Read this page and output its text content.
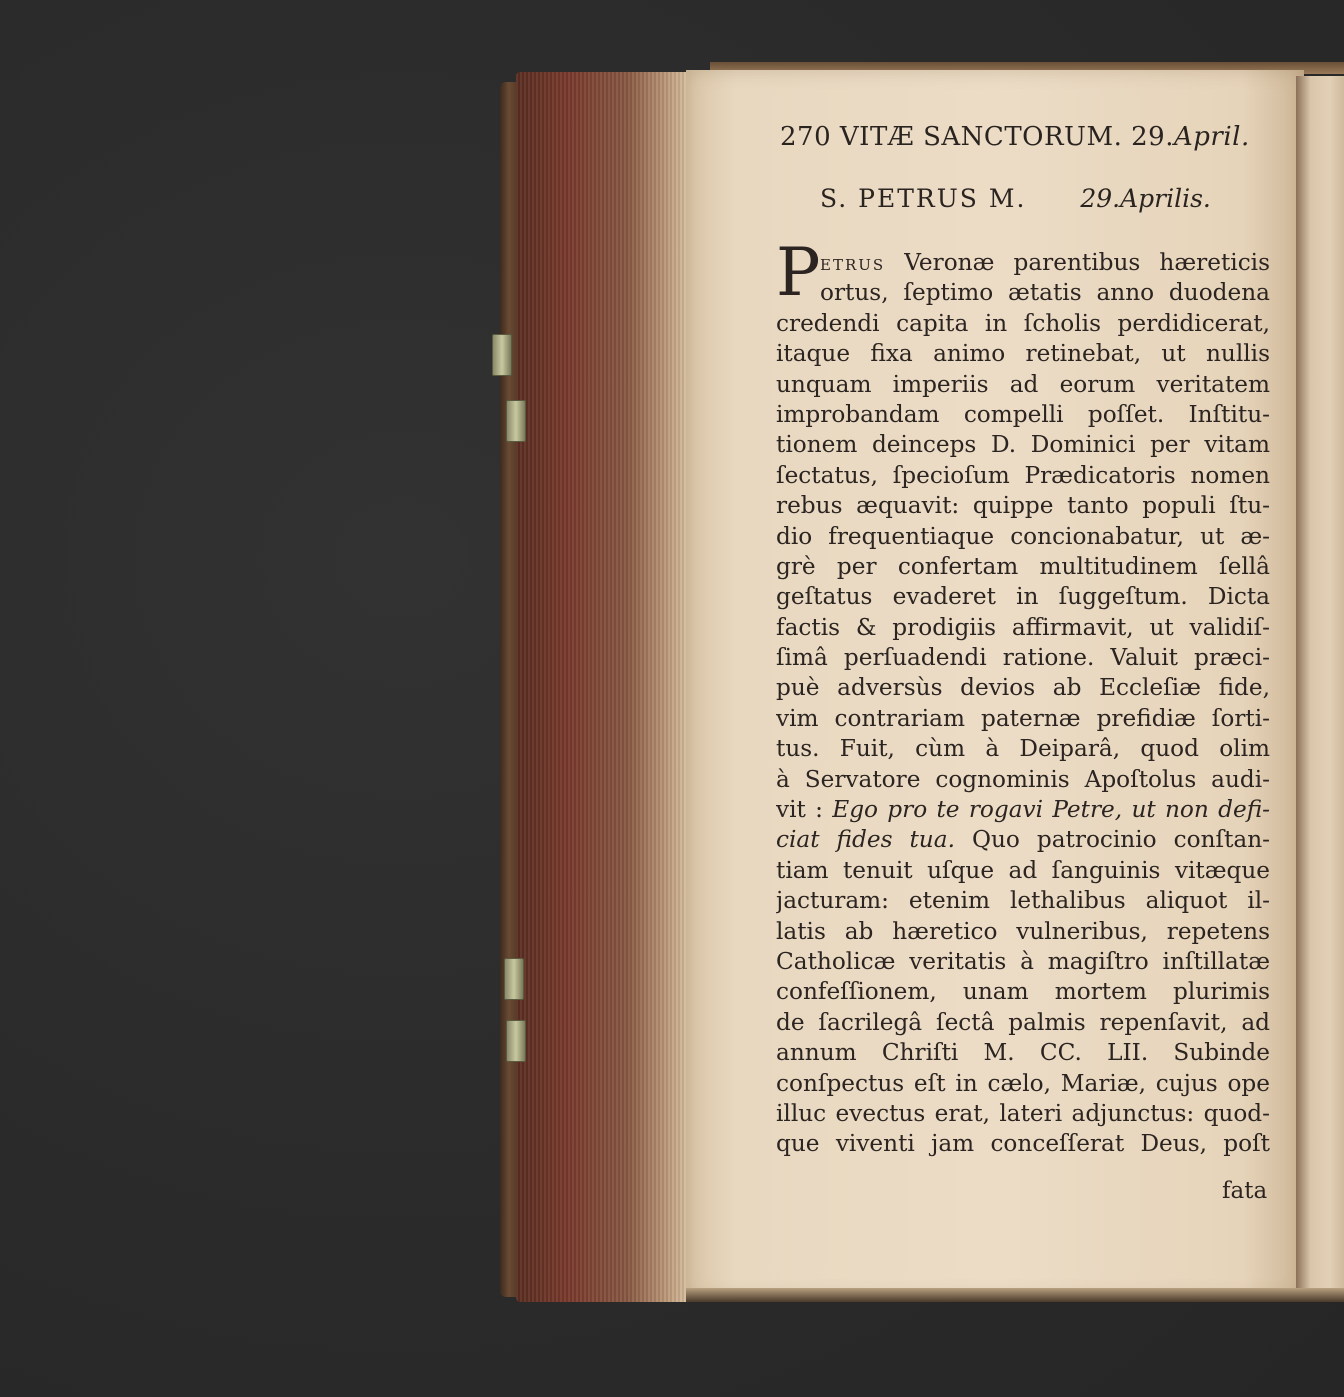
270 VITÆ SANCTORUM. 29.April.
S. PETRUS M. 29.Aprilis.
P ETRUS Veronæ parentibus hæreticis
ortus, ſeptimo ætatis anno duodena
credendi capita in ſcholis perdidicerat,
itaque fixa animo retinebat, ut nullis
unquam imperiis ad eorum veritatem
improbandam compelli poſſet. Inſtitu-
tionem deinceps D. Dominici per vitam
ſectatus, ſpecioſum Prædicatoris nomen
rebus æquavit: quippe tanto populi ſtu-
dio frequentiaque concionabatur, ut æ-
grè per confertam multitudinem ſellâ
geſtatus evaderet in ſuggeſtum. Dicta
factis & prodigiis affirmavit, ut validiſ-
ſimâ perſuadendi ratione. Valuit præci-
puè adversùs devios ab Eccleſiæ fide,
vim contrariam paternæ prefidiæ ſorti-
tus. Fuit, cùm à Deiparâ, quod olim
à Servatore cognominis Apoſtolus audi-
vit : Ego pro te rogavi Petre, ut non defi-
ciat fides tua. Quo patrocinio conſtan-
tiam tenuit uſque ad ſanguinis vitæque
jacturam: etenim lethalibus aliquot il-
latis ab hæretico vulneribus, repetens
Catholicæ veritatis à magiſtro inſtillatæ
confeſſionem, unam mortem plurimis
de ſacrilegâ ſectâ palmis repenſavit, ad
annum Chriſti M. CC. LII. Subinde
conſpectus eſt in cælo, Mariæ, cujus ope
illuc evectus erat, lateri adjunctus: quod-
que viventi jam conceſſerat Deus, poſt
fata
